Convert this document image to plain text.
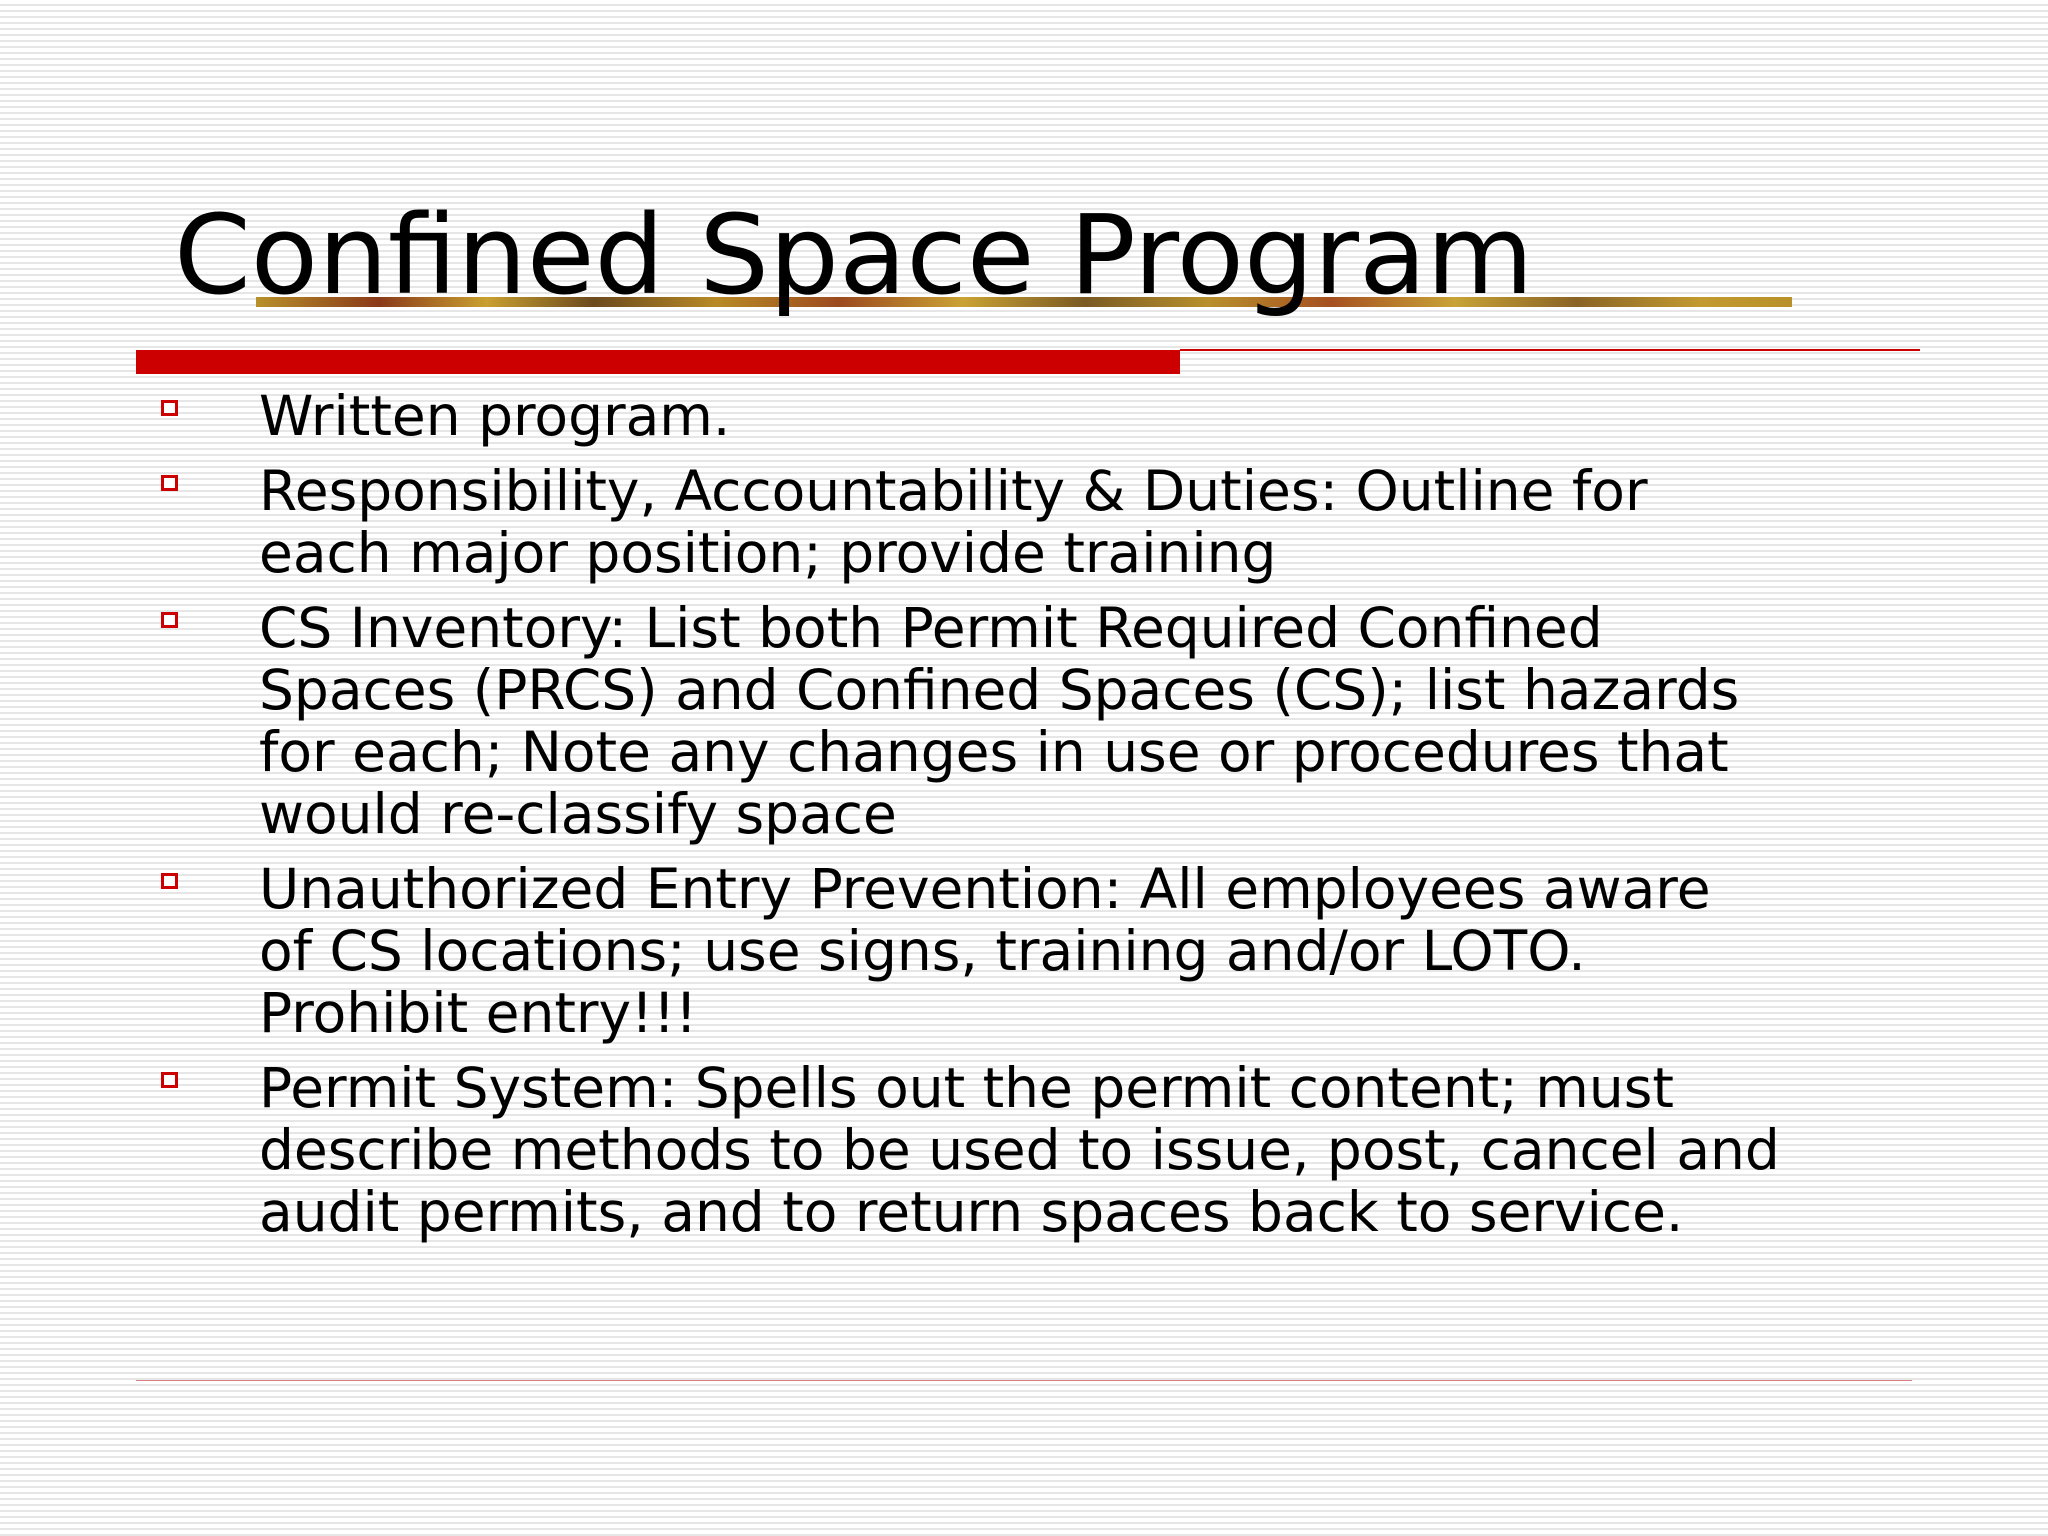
Confined Space Program
Written program.
Responsibility, Accountability & Duties: Outline for
each major position; provide training
CS Inventory: List both Permit Required Confined
Spaces (PRCS) and Confined Spaces (CS); list hazards
for each; Note any changes in use or procedures that
would re-classify space
Unauthorized Entry Prevention: All employees aware
of CS locations; use signs, training and/or LOTO.
Prohibit entry!!!
Permit System: Spells out the permit content; must
describe methods to be used to issue, post, cancel and
audit permits, and to return spaces back to service.
